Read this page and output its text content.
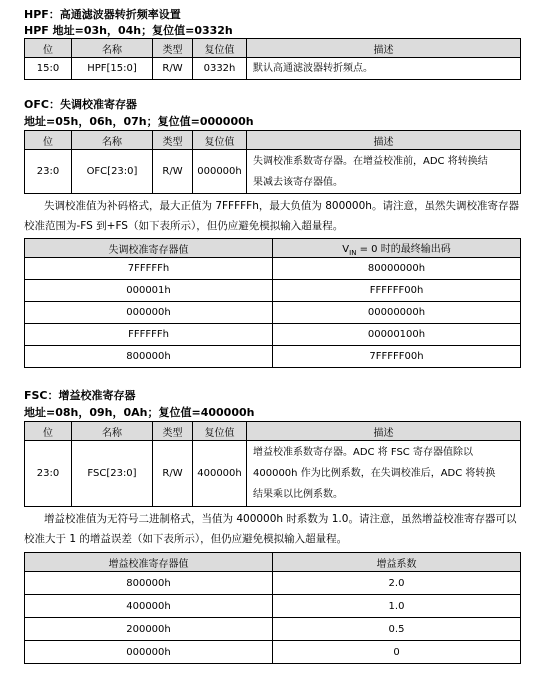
HPF：高通滤波器转折频率设置
HPF 地址=03h，04h；复位值=0332h
位	名称	类型	复位值	描述
15:0	HPF[15:0]	R/W	0332h	默认高通滤波器转折频点。
OFC：失调校准寄存器
地址=05h，06h，07h；复位值=000000h
位	名称	类型	复位值	描述
23:0	OFC[23:0]	R/W	000000h	失调校准系数寄存器。在增益校准前，ADC 将转换结
果减去该寄存器值。
失调校准值为补码格式，最大正值为 7FFFFFh，最大负值为 800000h。请注意，虽然失调校准寄存器校准范围为-FS 到+FS（如下表所示），但仍应避免模拟输入超量程。
失调校准寄存器值	$V_{IN} = 0$ 时的最终输出码
7FFFFFh	80000000h
000001h	FFFFFF00h
000000h	00000000h
FFFFFFh	00000100h
800000h	7FFFFF00h
FSC：增益校准寄存器
地址=08h，09h，0Ah；复位值=400000h
位	名称	类型	复位值	描述
23:0	FSC[23:0]	R/W	400000h	增益校准系数寄存器。ADC 将 FSC 寄存器值除以
400000h 作为比例系数，在失调校准后，ADC 将转换
结果乘以比例系数。
增益校准值为无符号二进制格式，当值为 400000h 时系数为 1.0。请注意，虽然增益校准寄存器可以校准大于 1 的增益误差（如下表所示），但仍应避免模拟输入超量程。
增益校准寄存器值	增益系数
800000h	2.0
400000h	1.0
200000h	0.5
000000h	0
